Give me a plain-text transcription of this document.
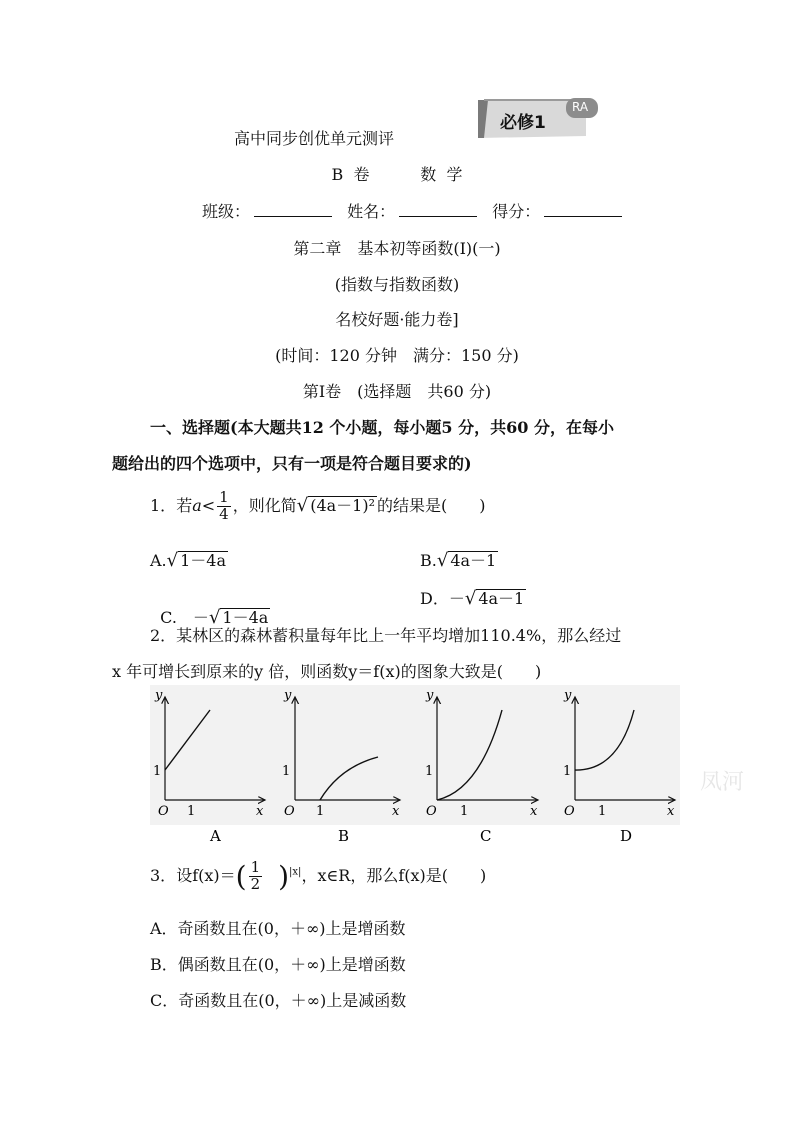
高中同步创优单元测评
必修1
RA
B  卷          数  学
班级：	姓名：	得分：
第二章　基本初等函数(Ⅰ)(一)
(指数与指数函数)
名校好题·能力卷]
(时间：120 分钟　满分：150 分)
第Ⅰ卷　(选择题　共60 分)
一、选择题(本大题共12 个小题，每小题5 分，共60 分，在每小
题给出的四个选项中，只有一项是符合题目要求的)
1．若$a< \frac{1}{4}$ ，则化简√ (4a－1)² 的结果是(　　)
A.√ 1－4a	B.√ 4a－1

C.　－√ 1－4a

D．－√ 4a－1
2．某林区的森林蓄积量每年比上一年平均增加110.4%，那么经过
x 年可增长到原来的y 倍，则函数y＝f(x)的图象大致是(　　)
O
1
1	x
y
O
1
1	x
y
O
1
1	x
y
O
1
1	x
y
A	B	C	D
凤河
3．设$f(x)=( \frac{1}{2} )^{|x|}$，x∈R，那么f(x)是(　　)
A．奇函数且在(0，＋∞)上是增函数
B．偶函数且在(0，＋∞)上是增函数
C．奇函数且在(0，＋∞)上是减函数
